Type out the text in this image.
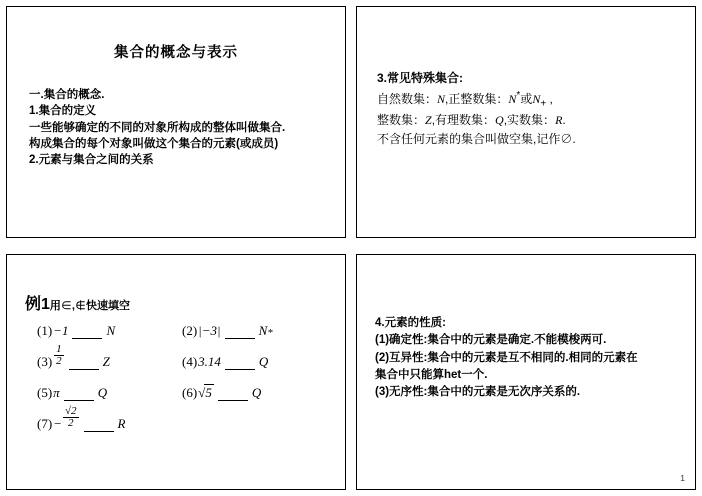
集合的概念与表示
一.集合的概念.
1.集合的定义
一些能够确定的不同的对象所构成的整体叫做集合.
构成集合的每个对象叫做这个集合的元素(或成员)
2.元素与集合之间的关系
3.常见特殊集合:
自然数集：N,正整数集：N*或$N_+$ ,
整数集：Z,有理数集：Q,实数集：R.
不含任何元素的集合叫做空集,记作∅.
例1用∈,∉快速填空
(1) −1	N	(2) |−3|	N *
$(3) \frac{1}{2}$	Z	(4) 3.14	Q
(5) π	Q	(6) √ 5	Q
$(7) - \frac{√2}{2}$	R
4.元素的性质:
(1)确定性:集合中的元素是确定.不能模梭两可.
(2)互异性:集合中的元素是互不相同的.相同的元素在
集合中只能算het一个.
(3)无序性:集合中的元素是无次序关系的.
1
